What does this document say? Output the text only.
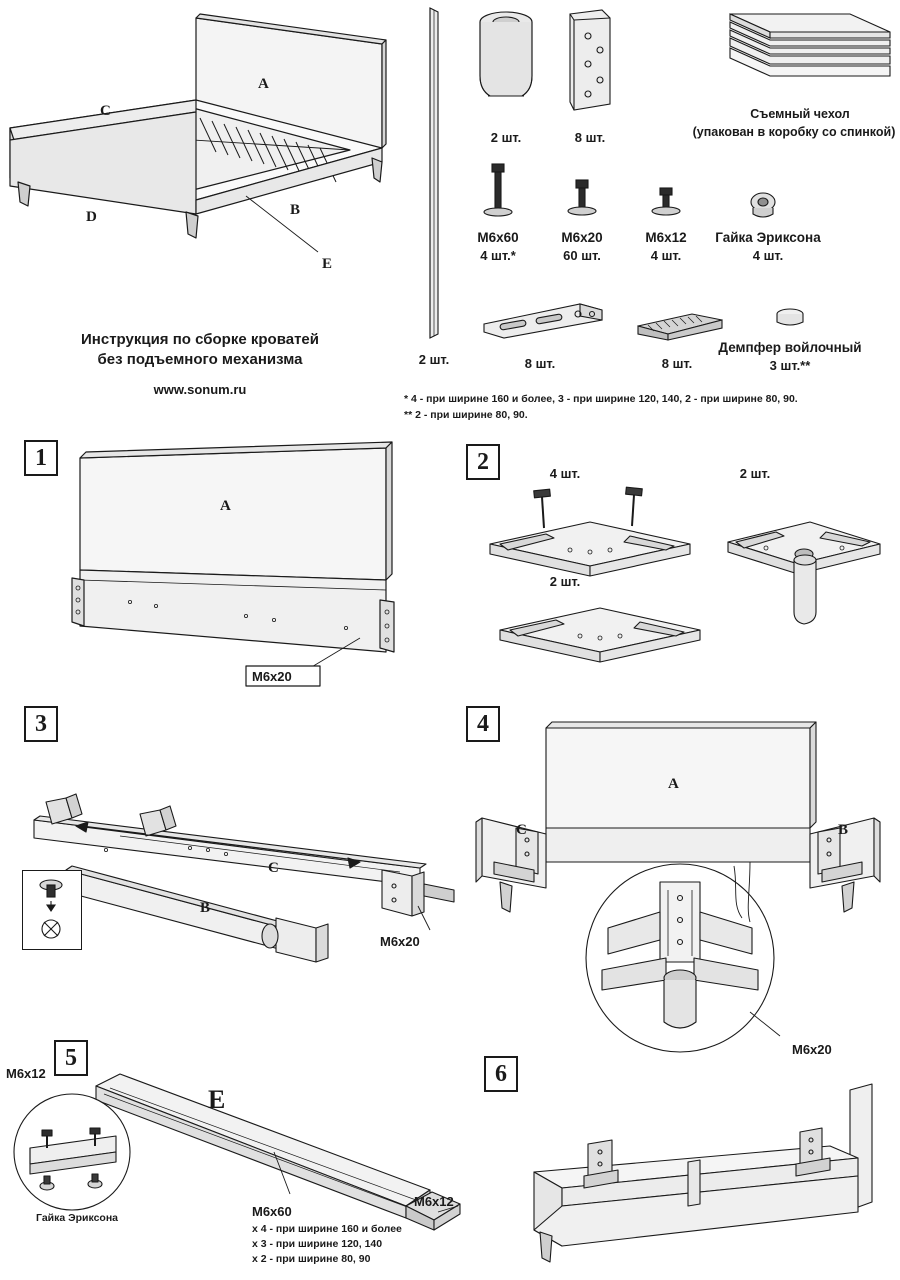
A
C
D	B
E
Инструкция по сборке кроватей
без подъемного механизма
www.sonum.ru
2 шт.
2 шт.	8 шт.
Съемный чехол
(упакован в коробку со спинкой)
M6x60
4 шт.*
M6x20
60 шт.
M6x12
4 шт.
Гайка Эриксона
4 шт.
8 шт.	8 шт.
Демпфер войлочный
3 шт.**
* 4 - при ширине 160 и более, 3 - при ширине 120, 140, 2 - при ширине 80, 90.
** 2 - при ширине 80, 90.
1
A
M6x20
2	4 шт.	2 шт.
2 шт.
3
C
B
M6x20
4
A
C	B
M6x20
5
E
M6x12
Гайка Эриксона
M6x12
M6x60
x 4 - при ширине 160 и более
x 3 - при ширине 120, 140
x 2 - при ширине 80, 90
6
